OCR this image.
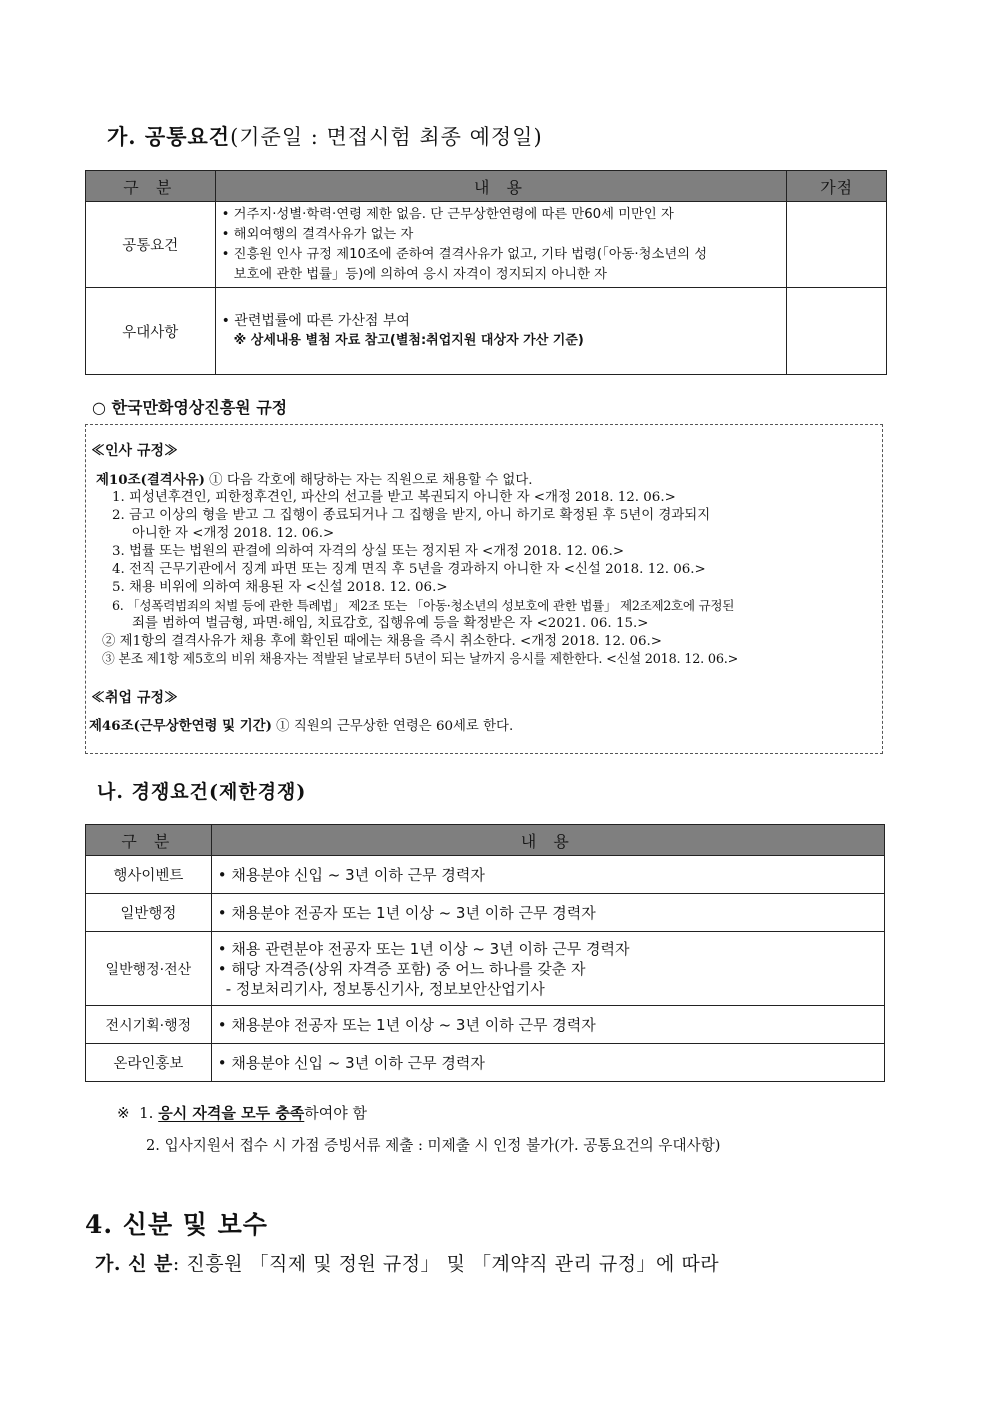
가. 공통요건(기준일 : 면접시험 최종 예정일)
구 분	내 용	가점
공통요건	• 거주지·성별·학력·연령 제한 없음. 단 근무상한연령에 따른 만60세 미만인 자
• 해외여행의 결격사유가 없는 자
• 진흥원 인사 규정 제10조에 준하여 결격사유가 없고, 기타 법령(「아동·청소년의 성
보호에 관한 법률」등)에 의하여 응시 자격이 정지되지 아니한 자	

우대사항	• 관련법률에 따른 가산점 부여
※ 상세내용 별첨 자료 참고(별첨:취업지원 대상자 가산 기준)	

○ 한국만화영상진흥원 규정
≪인사 규정≫
제10조(결격사유) ① 다음 각호에 해당하는 자는 직원으로 채용할 수 없다.
1. 피성년후견인, 피한정후견인, 파산의 선고를 받고 복권되지 아니한 자 <개정 2018. 12. 06.>
2. 금고 이상의 형을 받고 그 집행이 종료되거나 그 집행을 받지, 아니 하기로 확정된 후 5년이 경과되지
아니한 자 <개정 2018. 12. 06.>
3. 법률 또는 법원의 판결에 의하여 자격의 상실 또는 정지된 자 <개정 2018. 12. 06.>
4. 전직 근무기관에서 징계 파면 또는 징계 면직 후 5년을 경과하지 아니한 자 <신설 2018. 12. 06.>
5. 채용 비위에 의하여 채용된 자 <신설 2018. 12. 06.>
6. 「성폭력범죄의 처벌 등에 관한 특례법」 제2조 또는 「아동·청소년의 성보호에 관한 법률」 제2조제2호에 규정된
죄를 범하여 벌금형, 파면·해임, 치료감호, 집행유예 등을 확정받은 자 <2021. 06. 15.>
② 제1항의 결격사유가 채용 후에 확인된 때에는 채용을 즉시 취소한다. <개정 2018. 12. 06.>
③ 본조 제1항 제5호의 비위 채용자는 적발된 날로부터 5년이 되는 날까지 응시를 제한한다. <신설 2018. 12. 06.>
≪취업 규정≫
제46조(근무상한연령 및 기간) ① 직원의 근무상한 연령은 60세로 한다.
나. 경쟁요건(제한경쟁)
구 분	내 용
행사이벤트	• 채용분야 신입 ~ 3년 이하 근무 경력자

일반행정	• 채용분야 전공자 또는 1년 이상 ~ 3년 이하 근무 경력자

일반행정·전산	• 채용 관련분야 전공자 또는 1년 이상 ~ 3년 이하 근무 경력자
• 해당 자격증(상위 자격증 포함) 중 어느 하나를 갖춘 자
- 정보처리기사, 정보통신기사, 정보보안산업기사

전시기획·행정	• 채용분야 전공자 또는 1년 이상 ~ 3년 이하 근무 경력자

온라인홍보	• 채용분야 신입 ~ 3년 이하 근무 경력자
※ 1. 응시 자격을 모두 충족하여야 함
2. 입사지원서 접수 시 가점 증빙서류 제출 : 미제출 시 인정 불가(가. 공통요건의 우대사항)
4. 신분 및 보수
가. 신 분: 진흥원 「직제 및 정원 규정」 및 「계약직 관리 규정」에 따라
